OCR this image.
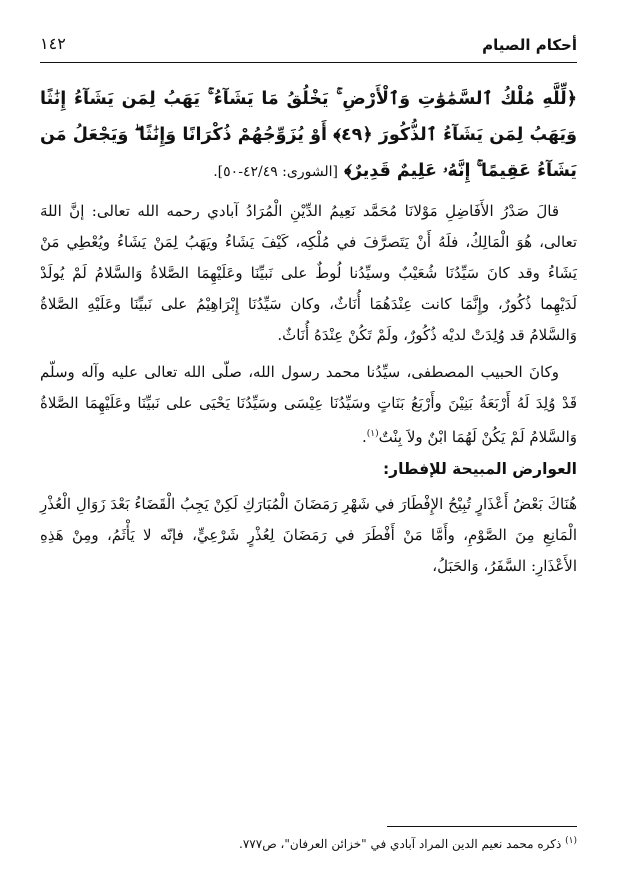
أحكام الصيام
١٤٢
﴿لِّلَّهِ مُلْكُ ٱلسَّمَٰوَٰتِ وَٱلْأَرْضِ ۚ يَخْلُقُ مَا يَشَآءُ ۚ يَهَبُ لِمَن يَشَآءُ إِنَٰثًا وَيَهَبُ لِمَن يَشَآءُ ٱلذُّكُورَ ﴿٤٩﴾ أَوْ يُزَوِّجُهُمْ ذُكْرَانًا وَإِنَٰثًا ۖ وَيَجْعَلُ مَن يَشَآءُ عَقِيمًا ۚ إِنَّهُۥ عَلِيمٌ قَدِيرٌ﴾ [الشورى: ٤٢/٤٩-٥٠].

قالَ صَدْرُ الأَفَاضِلِ مَوْلانَا مُحَمَّد نَعِيمُ الدِّيْنِ الْمُرَادُ آبادي رحمه الله تعالى: إنَّ اللهَ تعالى، هُوَ الْمَالِكُ، فلَهُ أَنْ يَتَصرَّفَ في مُلْكِه، كَيْفَ يَشَاءُ ويَهَبُ لِمَنْ يَشَاءُ ويُعْطِي مَنْ يَشَاءُ وقد كانَ سَيِّدُنَا شُعَيْبٌ وسيِّدُنا لُوطٌ على نَبيِّنَا وعَلَيْهِمَا الصَّلاةُ وَالسَّلامُ لَمْ يُولَدْ لَدَيْهِما ذُكُورٌ، وإِنَّمَا كانت عِنْدَهُمَا أُنَاثٌ، وكان سَيِّدُنَا إِبْرَاهِيْمُ على نَبيِّنَا وعَلَيْهِ الصَّلاةُ وَالسَّلامُ قد وُلِدَتْ لديْه ذُكُورٌ، ولَمْ تَكُنْ عِنْدَهُ أُنَاثٌ.

وكانَ الحبيب المصطفى، سيِّدُنا محمد رسول الله، صلّى الله تعالى عليه وآله وسلّم قَدْ وُلِدَ لَهُ أَرْبَعَةُ بَنِيْنَ وأَرْبَعُ بَنَاتٍ وسَيِّدُنَا عِيْسَى وسَيِّدُنَا يَحْيَى على نَبيِّنَا وعَلَيْهِمَا الصَّلاةُ وَالسَّلامُ لَمْ يَكُنْ لَهُمَا ابْنٌ ولاَ بِنْتٌ$^{(١)}$.

العوارض المبيحة للإفطار:

هُنَاكَ بَعْضُ أَعْذَارٍ تُبِيْحُ الإِفْطَارَ في شَهْرِ رَمَضَانَ الْمُبَارَكِ لَكِنْ يَجِبُ الْقَضَاءُ بَعْدَ زَوَالِ الْعُذْرِ الْمَانِعِ مِنَ الصَّوْمِ، وأَمَّا مَنْ أَفْطَرَ في رَمَضَانَ لِعُذْرٍ شَرْعِيٍّ، فإنّه لا يَأْثَمُ، ومِنْ هَذِهِ الأَعْذَارِ: السَّفَرُ، وَالحَبَلُ،

$^{(١)}$ ذكره محمد نعيم الدين المراد آبادي في "خزائن العرفان"، ص٧٧٧.
